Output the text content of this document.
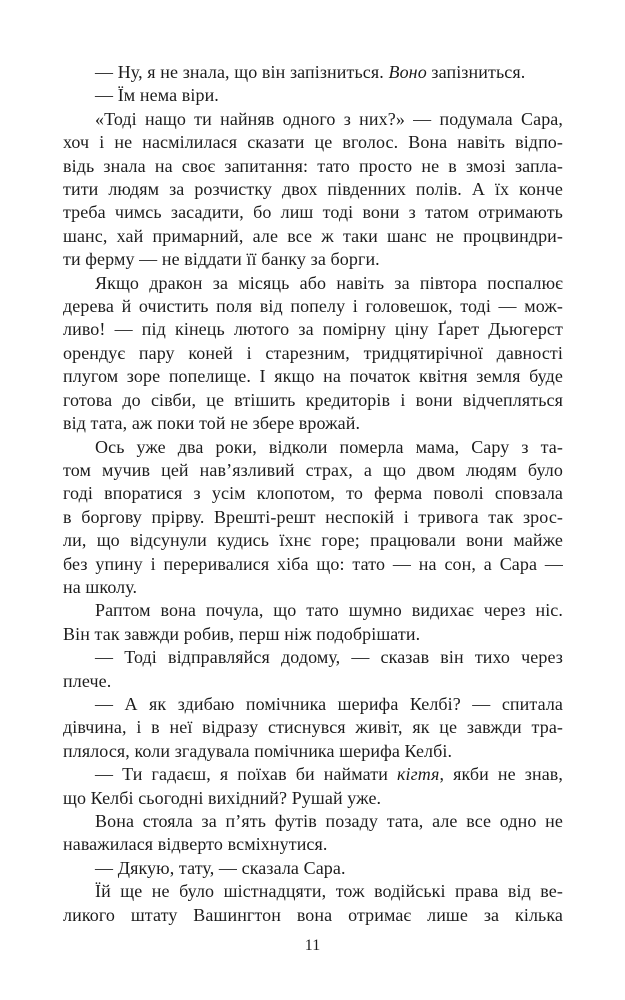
— Ну, я не знала, що він запізниться. Воно запізниться.
— Їм нема віри.
«Тоді нащо ти найняв одного з них?» — подумала Сара,
хоч і не насмілилася сказати це вголос. Вона навіть відпо-
відь знала на своє запитання: тато просто не в змозі запла-
тити людям за розчистку двох південних полів. А їх конче
треба чимсь засадити, бо лиш тоді вони з татом отримають
шанс, хай примарний, але все ж таки шанс не процвиндри-
ти ферму — не віддати її банку за борги.
Якщо дракон за місяць або навіть за півтора поспалює
дерева й очистить поля від попелу і головешок, тоді — мож-
ливо! — під кінець лютого за помірну ціну Ґарет Дьюгерст
орендує пару коней і старезним, тридцятирічної давності
плугом зоре попелище. І якщо на початок квітня земля буде
готова до сівби, це втішить кредиторів і вони відчепляться
від тата, аж поки той не збере врожай.
Ось уже два роки, відколи померла мама, Сару з та-
том мучив цей нав’язливий страх, а що двом людям було
годі впоратися з усім клопотом, то ферма поволі сповзала
в боргову прірву. Врешті-решт неспокій і тривога так зрос-
ли, що відсунули кудись їхнє горе; працювали вони майже
без упину і переривалися хіба що: тато — на сон, а Сара —
на школу.
Раптом вона почула, що тато шумно видихає через ніс.
Він так завжди робив, перш ніж подобрішати.
— Тоді відправляйся додому, — сказав він тихо через
плече.
— А як здибаю помічника шерифа Келбі? — спитала
дівчина, і в неї відразу стиснувся живіт, як це завжди тра-
плялося, коли згадувала помічника шерифа Келбі.
— Ти гадаєш, я поїхав би наймати кігтя, якби не знав,
що Келбі сьогодні вихідний? Рушай уже.
Вона стояла за п’ять футів позаду тата, але все одно не
наважилася відверто всміхнутися.
— Дякую, тату, — сказала Сара.
Їй ще не було шістнадцяти, тож водійські права від ве-
ликого штату Вашингтон вона отримає лише за кілька
11
